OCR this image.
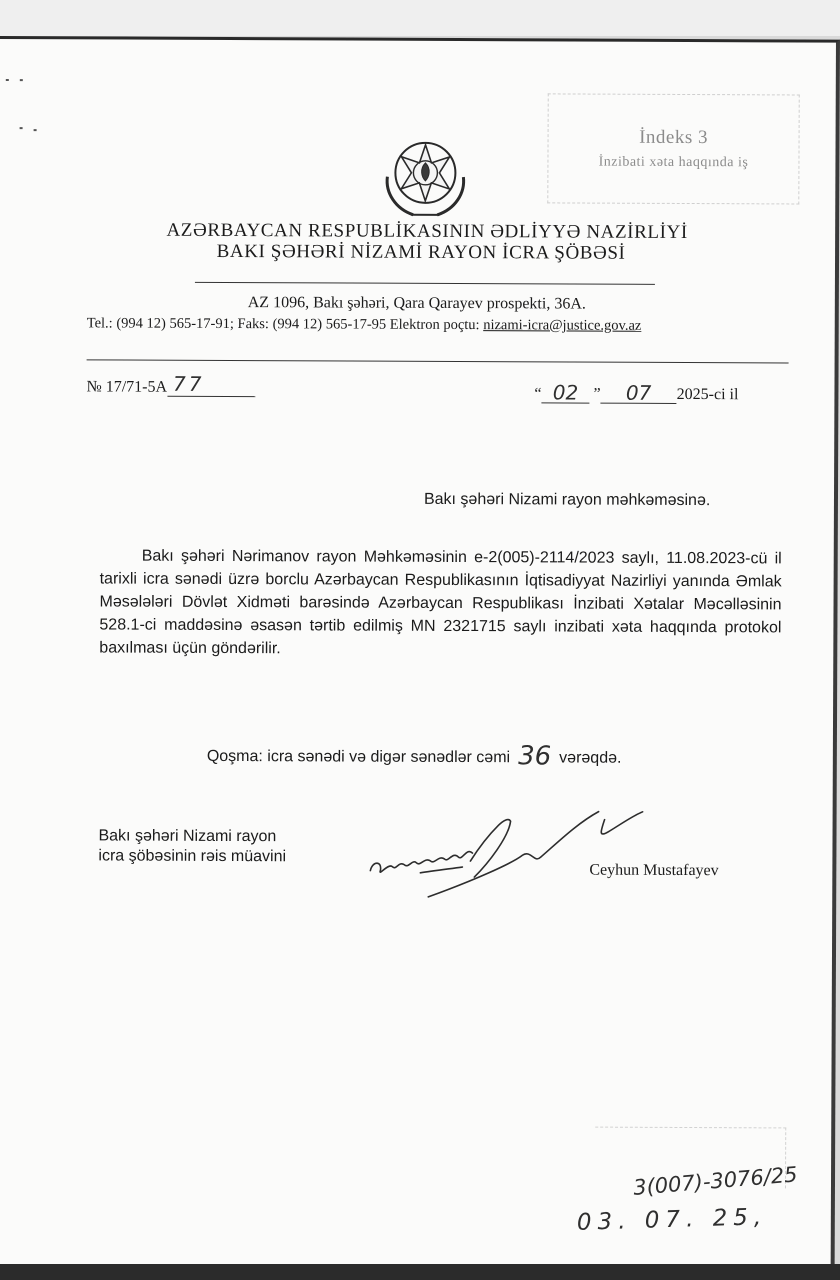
İndeks 3
İnzibati xəta haqqında iş
AZƏRBAYCAN RESPUBLİKASININ ƏDLİYYƏ NAZİRLİYİ
BAKI ŞƏHƏRİ NİZAMİ RAYON İCRA ŞÖBƏSİ
AZ 1096, Bakı şəhəri, Qara Qarayev prospekti, 36A.
Tel.: (994 12) 565-17-91; Faks: (994 12) 565-17-95 Elektron poçtu: nizami-icra@justice.gov.az
№ 17/71-5A 77	“ 02 ”	07	2025-ci il
Bakı şəhəri Nizami rayon məhkəməsinə.

Bakı şəhəri Nərimanov rayon Məhkəməsinin e-2(005)-2114/2023 saylı, 11.08.2023-cü il tarixli icra sənədi üzrə borclu Azərbaycan Respublikasının İqtisadiyyat Nazirliyi yanında Əmlak Məsələləri Dövlət Xidməti barəsində Azərbaycan Respublikası İnzibati Xətalar Məcəlləsinin 528.1-ci maddəsinə əsasən tərtib edilmiş MN 2321715 saylı inzibati xəta haqqında protokol baxılması üçün göndərilir.

Qoşma: icra sənədi və digər sənədlər cəmi 36 vərəqdə.
Bakı şəhəri Nizami rayon
icra şöbəsinin rəis müavini
Ceyhun Mustafayev
3(007)-3076/25
03. 07. 25,
